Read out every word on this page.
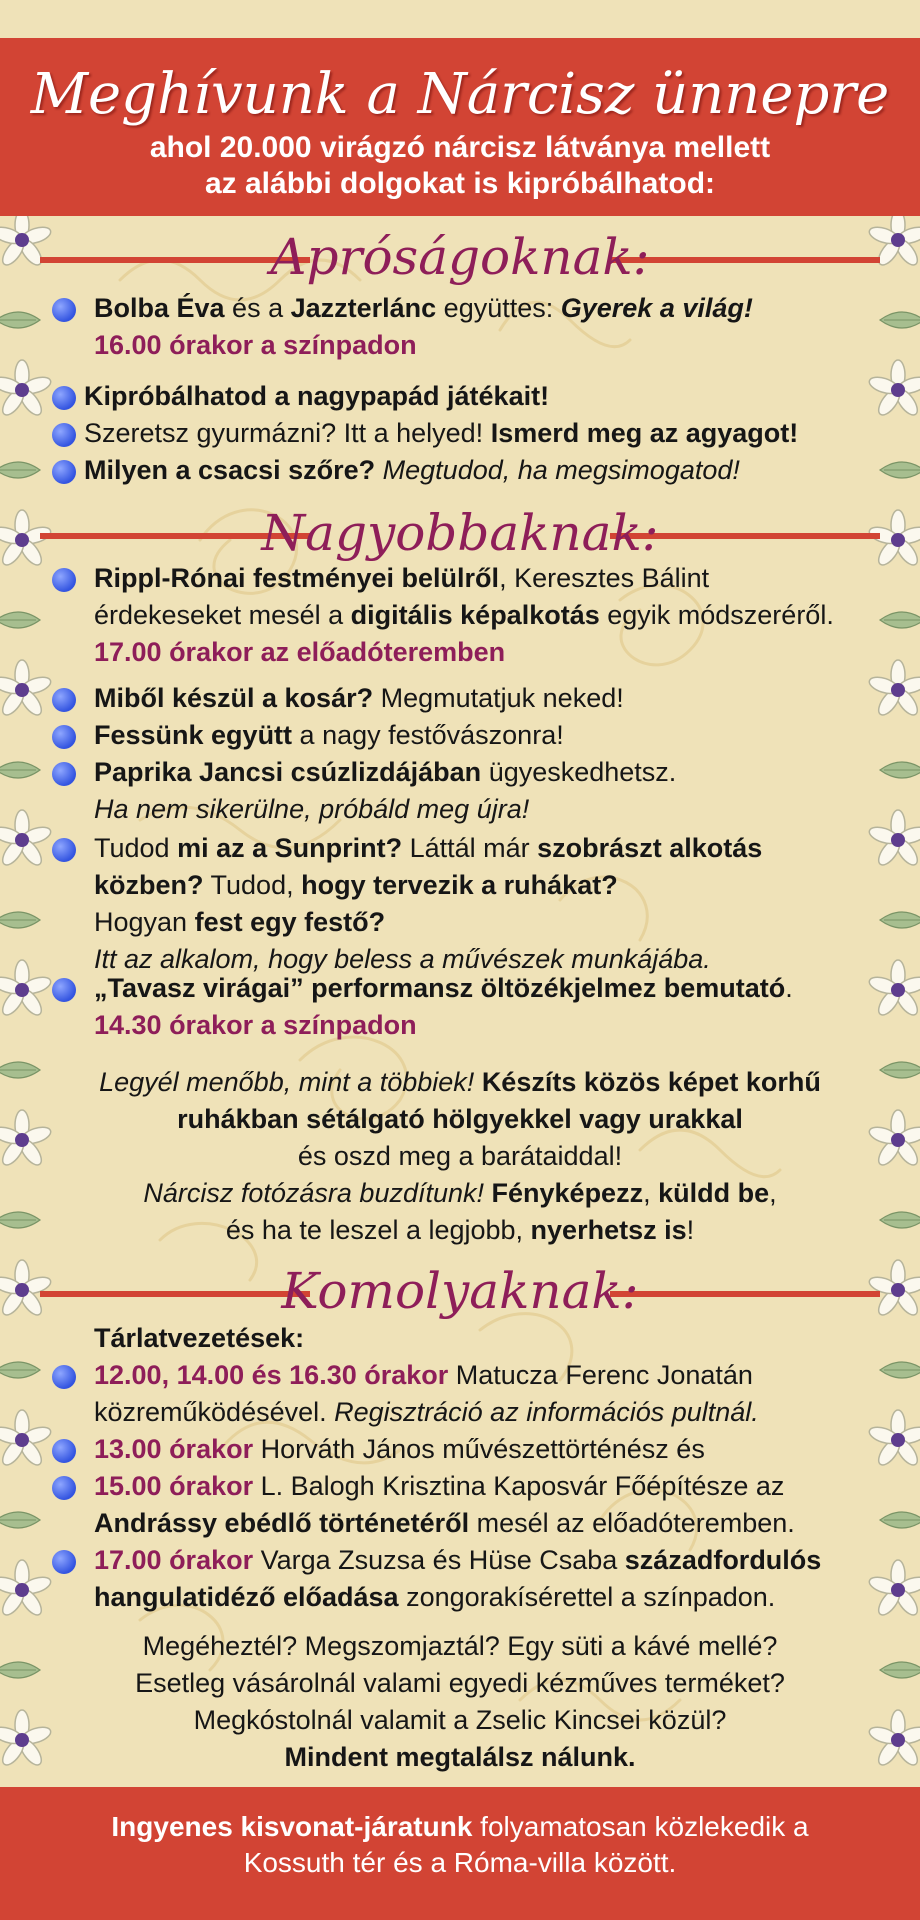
Meghívunk a Nárcisz ünnepre
ahol 20.000 virágzó nárcisz látványa mellett
az alábbi dolgokat is kipróbálhatod:
Apróságoknak:

Bolba Éva és a Jazzterlánc együttes: Gyerek a világ!

16.00 órakor a színpadon

Kipróbálhatod a nagypapád játékait!

Szeretsz gyurmázni? Itt a helyed! Ismerd meg az agyagot!

Milyen a csacsi szőre? Megtudod, ha megsimogatod!

Nagyobbaknak:

Rippl-Rónai festményei belülről, Keresztes Bálint

érdekeseket mesél a digitális képalkotás egyik módszeréről.

17.00 órakor az előadóteremben

Miből készül a kosár? Megmutatjuk neked!

Fessünk együtt a nagy festővászonra!

Paprika Jancsi csúzlizdájában ügyeskedhetsz.

Ha nem sikerülne, próbáld meg újra!

Tudod mi az a Sunprint? Láttál már szobrászt alkotás

közben? Tudod, hogy tervezik a ruhákat?

Hogyan fest egy festő?

Itt az alkalom, hogy beless a művészek munkájába.

„Tavasz virágai” performansz öltözékjelmez bemutató.

14.30 órakor a színpadon

Legyél menőbb, mint a többiek! Készíts közös képet korhű

ruhákban sétálgató hölgyekkel vagy urakkal

és oszd meg a barátaiddal!

Nárcisz fotózásra buzdítunk! Fényképezz, küldd be,

és ha te leszel a legjobb, nyerhetsz is!

Komolyaknak:

Tárlatvezetések:

12.00, 14.00 és 16.30 órakor Matucza Ferenc Jonatán

közreműködésével. Regisztráció az információs pultnál.

13.00 órakor Horváth János művészettörténész és

15.00 órakor L. Balogh Krisztina Kaposvár Főépítésze az

Andrássy ebédlő történetéről mesél az előadóteremben.

17.00 órakor Varga Zsuzsa és Hüse Csaba századfordulós

hangulatidéző előadása zongorakísérettel a színpadon.

Megéheztél? Megszomjaztál? Egy süti a kávé mellé?

Esetleg vásárolnál valami egyedi kézműves terméket?

Megkóstolnál valamit a Zselic Kincsei közül?

Mindent megtalálsz nálunk.

Ingyenes kisvonat-járatunk folyamatosan közlekedik a

Kossuth tér és a Róma-villa között.
